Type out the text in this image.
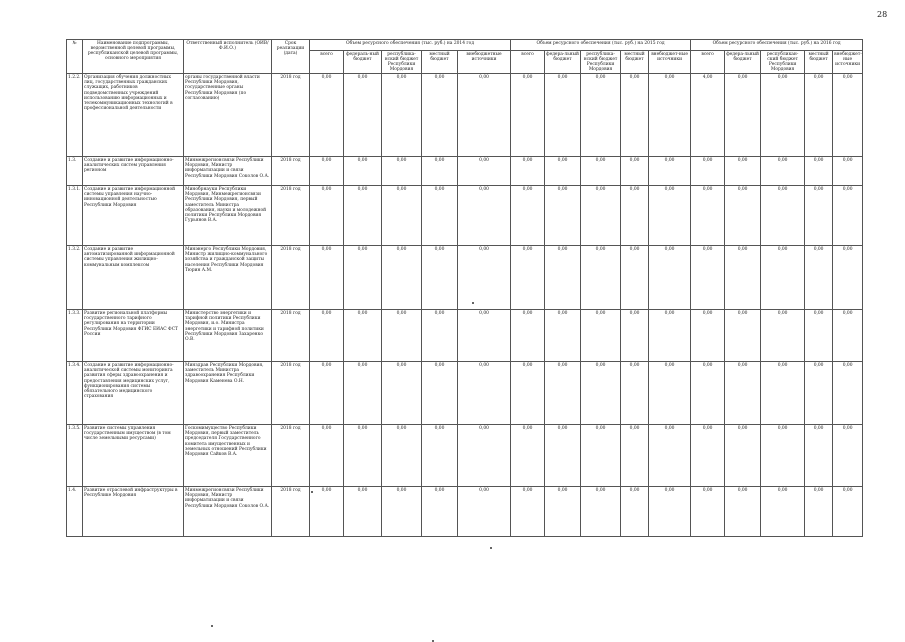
28
№	Наименование подпрограммы, ведомственной целевой программы, республиканской целевой программы, основного мероприятия	Ответственный исполнитель (ОИВ/Ф.И.О.)	Срок реализации (дата)	Объем ресурсного обеспечения (тыс. руб.) на 2014 год					Объем ресурсного обеспечения (тыс. руб.) на 2015 год					Объем ресурсного обеспечения (тыс. руб.) на 2016 год				
				всего	федераль-ный бюджет	республика-нский бюджет Республики Мордовия	местный бюджет	внебюджетные источники	всего	федера-льный бюджет	республика-нский бюджет Республики Мордовия	местный бюджет	внебюджет-ные источники	всего	федера-льный бюджет	республикан-ский бюджет Республики Мордовия	местный бюджет	внебюджет-ные источники
1.2.2.	Организация обучения должностных лиц, государственных гражданских служащих, работников подведомственных учреждений использованию информационных и телекоммуникационных технологий в профессиональной деятельности	органы государственной власти Республики Мордовия, государственные органы Республики Мордовия (по согласованию)	2018 год	0,00	0,00	0,00	0,00	0,00	0,00	0,00	0,00	0,00	0,00	4,00	0,00	0,00	0,00	0,00
1.3.	Создание и развитие информационно-аналитических систем управления регионом	Минмежрегионсвязи Республики Мордовия, Министр информатизации и связи Республики Мордовия Соколов О.А.	2018 год	0,00	0,00	0,00	0,00	0,00	0,00	0,00	0,00	0,00	0,00	0,00	0,00	0,00	0,00	0,00
1.3.1.	Создание и развитие информационной системы управления научно-инновационной деятельностью Республики Мордовия	Минобрнауки Республики Мордовия, Минмежрегионсвязи Республики Мордовия, первый заместитель Министра образования, науки и молодежной политики Республики Мордовия Гурьянов В.А.	2018 год	0,00	0,00	0,00	0,00	0,00	0,00	0,00	0,00	0,00	0,00	0,00	0,00	0,00	0,00	0,00
1.3.2.	Создание и развитие автоматизированной информационной системы управления жилищно-коммунальным комплексом	Минэнерго Республики Мордовия, Министр жилищно-коммунального хозяйства и гражданской защиты населения Республики Мордовия Тюрин А.М.	2018 год	0,00	0,00	0,00	0,00	0,00	0,00	0,00	0,00	0,00	0,00	0,00	0,00	0,00	0,00	0,00
1.3.3.	Развитие региональной платформы государственного тарифного регулирования на территории Республики Мордовия ФГИС ЕИАС ФСТ России	Министерство энергетики и тарифной политики Республики Мордовия, и.о. Министра энергетики и тарифной политики Республики Мордовия Захаренко О.В.	2018 год	0,00	0,00	0,00	0,00	0,00	0,00	0,00	0,00	0,00	0,00	0,00	0,00	0,00	0,00	0,00
1.3.4.	Создание и развитие информационно-аналитической системы мониторинга развития сферы здравоохранения и предоставления медицинских услуг, функционирования системы обязательного медицинского страхования	Минздрав Республики Мордовия, заместитель Министра здравоохранения Республики Мордовия Каменева О.Н.	2018 год	0,00	0,00	0,00	0,00	0,00	0,00	0,00	0,00	0,00	0,00	0,00	0,00	0,00	0,00	0,00
1.3.5.	Развитие системы управления государственным имуществом (в том числе земельными ресурсами)	Госкомимущество Республики Мордовия, первый заместитель председателя Государственного комитета имущественных и земельных отношений Республики Мордовия Сайков В.А.	2018 год	0,00	0,00	0,00	0,00	0,00	0,00	0,00	0,00	0,00	0,00	0,00	0,00	0,00	0,00	0,00
1.4.	Развитие отраслевой инфраструктуры в Республике Мордовия	Минмежрегионсвязи Республики Мордовия, Министр информатизации и связи Республики Мордовия Соколов О.А.	2018 год	0,00	0,00	0,00	0,00	0,00	0,00	0,00	0,00	0,00	0,00	0,00	0,00	0,00	0,00	0,00
